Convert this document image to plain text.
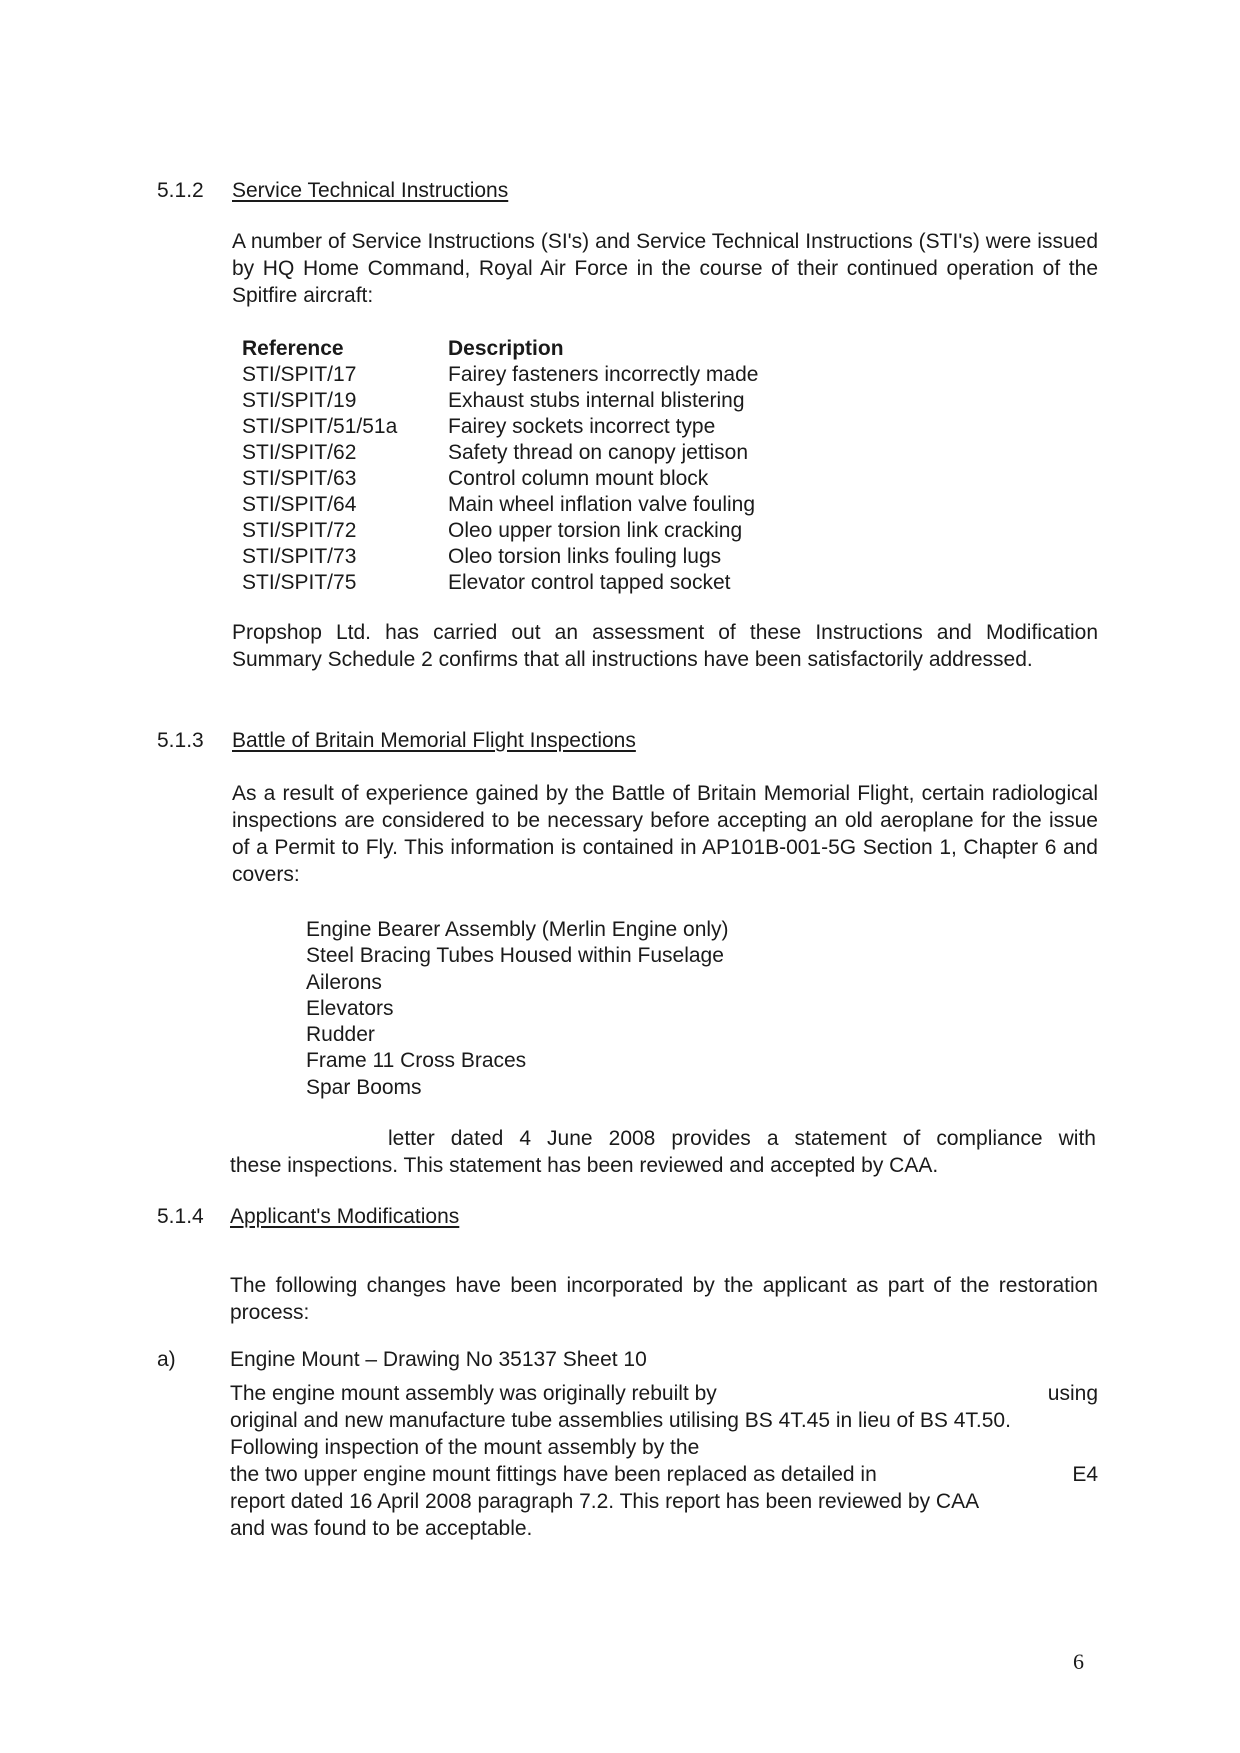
5.1.2 Service Technical Instructions
A number of Service Instructions (SI's) and Service Technical Instructions (STI's) were issued by HQ Home Command, Royal Air Force in the course of their continued operation of the Spitfire aircraft:
Reference	Description
STI/SPIT/17	Fairey fasteners incorrectly made
STI/SPIT/19	Exhaust stubs internal blistering
STI/SPIT/51/51a	Fairey sockets incorrect type
STI/SPIT/62	Safety thread on canopy jettison
STI/SPIT/63	Control column mount block
STI/SPIT/64	Main wheel inflation valve fouling
STI/SPIT/72	Oleo upper torsion link cracking
STI/SPIT/73	Oleo torsion links fouling lugs
STI/SPIT/75	Elevator control tapped socket
Propshop Ltd. has carried out an assessment of these Instructions and Modification Summary Schedule 2 confirms that all instructions have been satisfactorily addressed.
5.1.3 Battle of Britain Memorial Flight Inspections
As a result of experience gained by the Battle of Britain Memorial Flight, certain radiological inspections are considered to be necessary before accepting an old aeroplane for the issue of a Permit to Fly. This information is contained in AP101B-001-5G Section 1, Chapter 6 and covers:
Engine Bearer Assembly (Merlin Engine only)
Steel Bracing Tubes Housed within Fuselage
Ailerons
Elevators
Rudder
Frame 11 Cross Braces
Spar Booms
letter dated 4 June 2008 provides a statement of compliance with
these inspections. This statement has been reviewed and accepted by CAA.
5.1.4 Applicant's Modifications
The following changes have been incorporated by the applicant as part of the restoration process:
a)	Engine Mount – Drawing No 35137 Sheet 10
The engine mount assembly was originally rebuilt by	using
original and new manufacture tube assemblies utilising BS 4T.45 in lieu of BS 4T.50.
Following inspection of the mount assembly by the
the two upper engine mount fittings have been replaced as detailed in	E4
report dated 16 April 2008 paragraph 7.2. This report has been reviewed by CAA
and was found to be acceptable.
6
